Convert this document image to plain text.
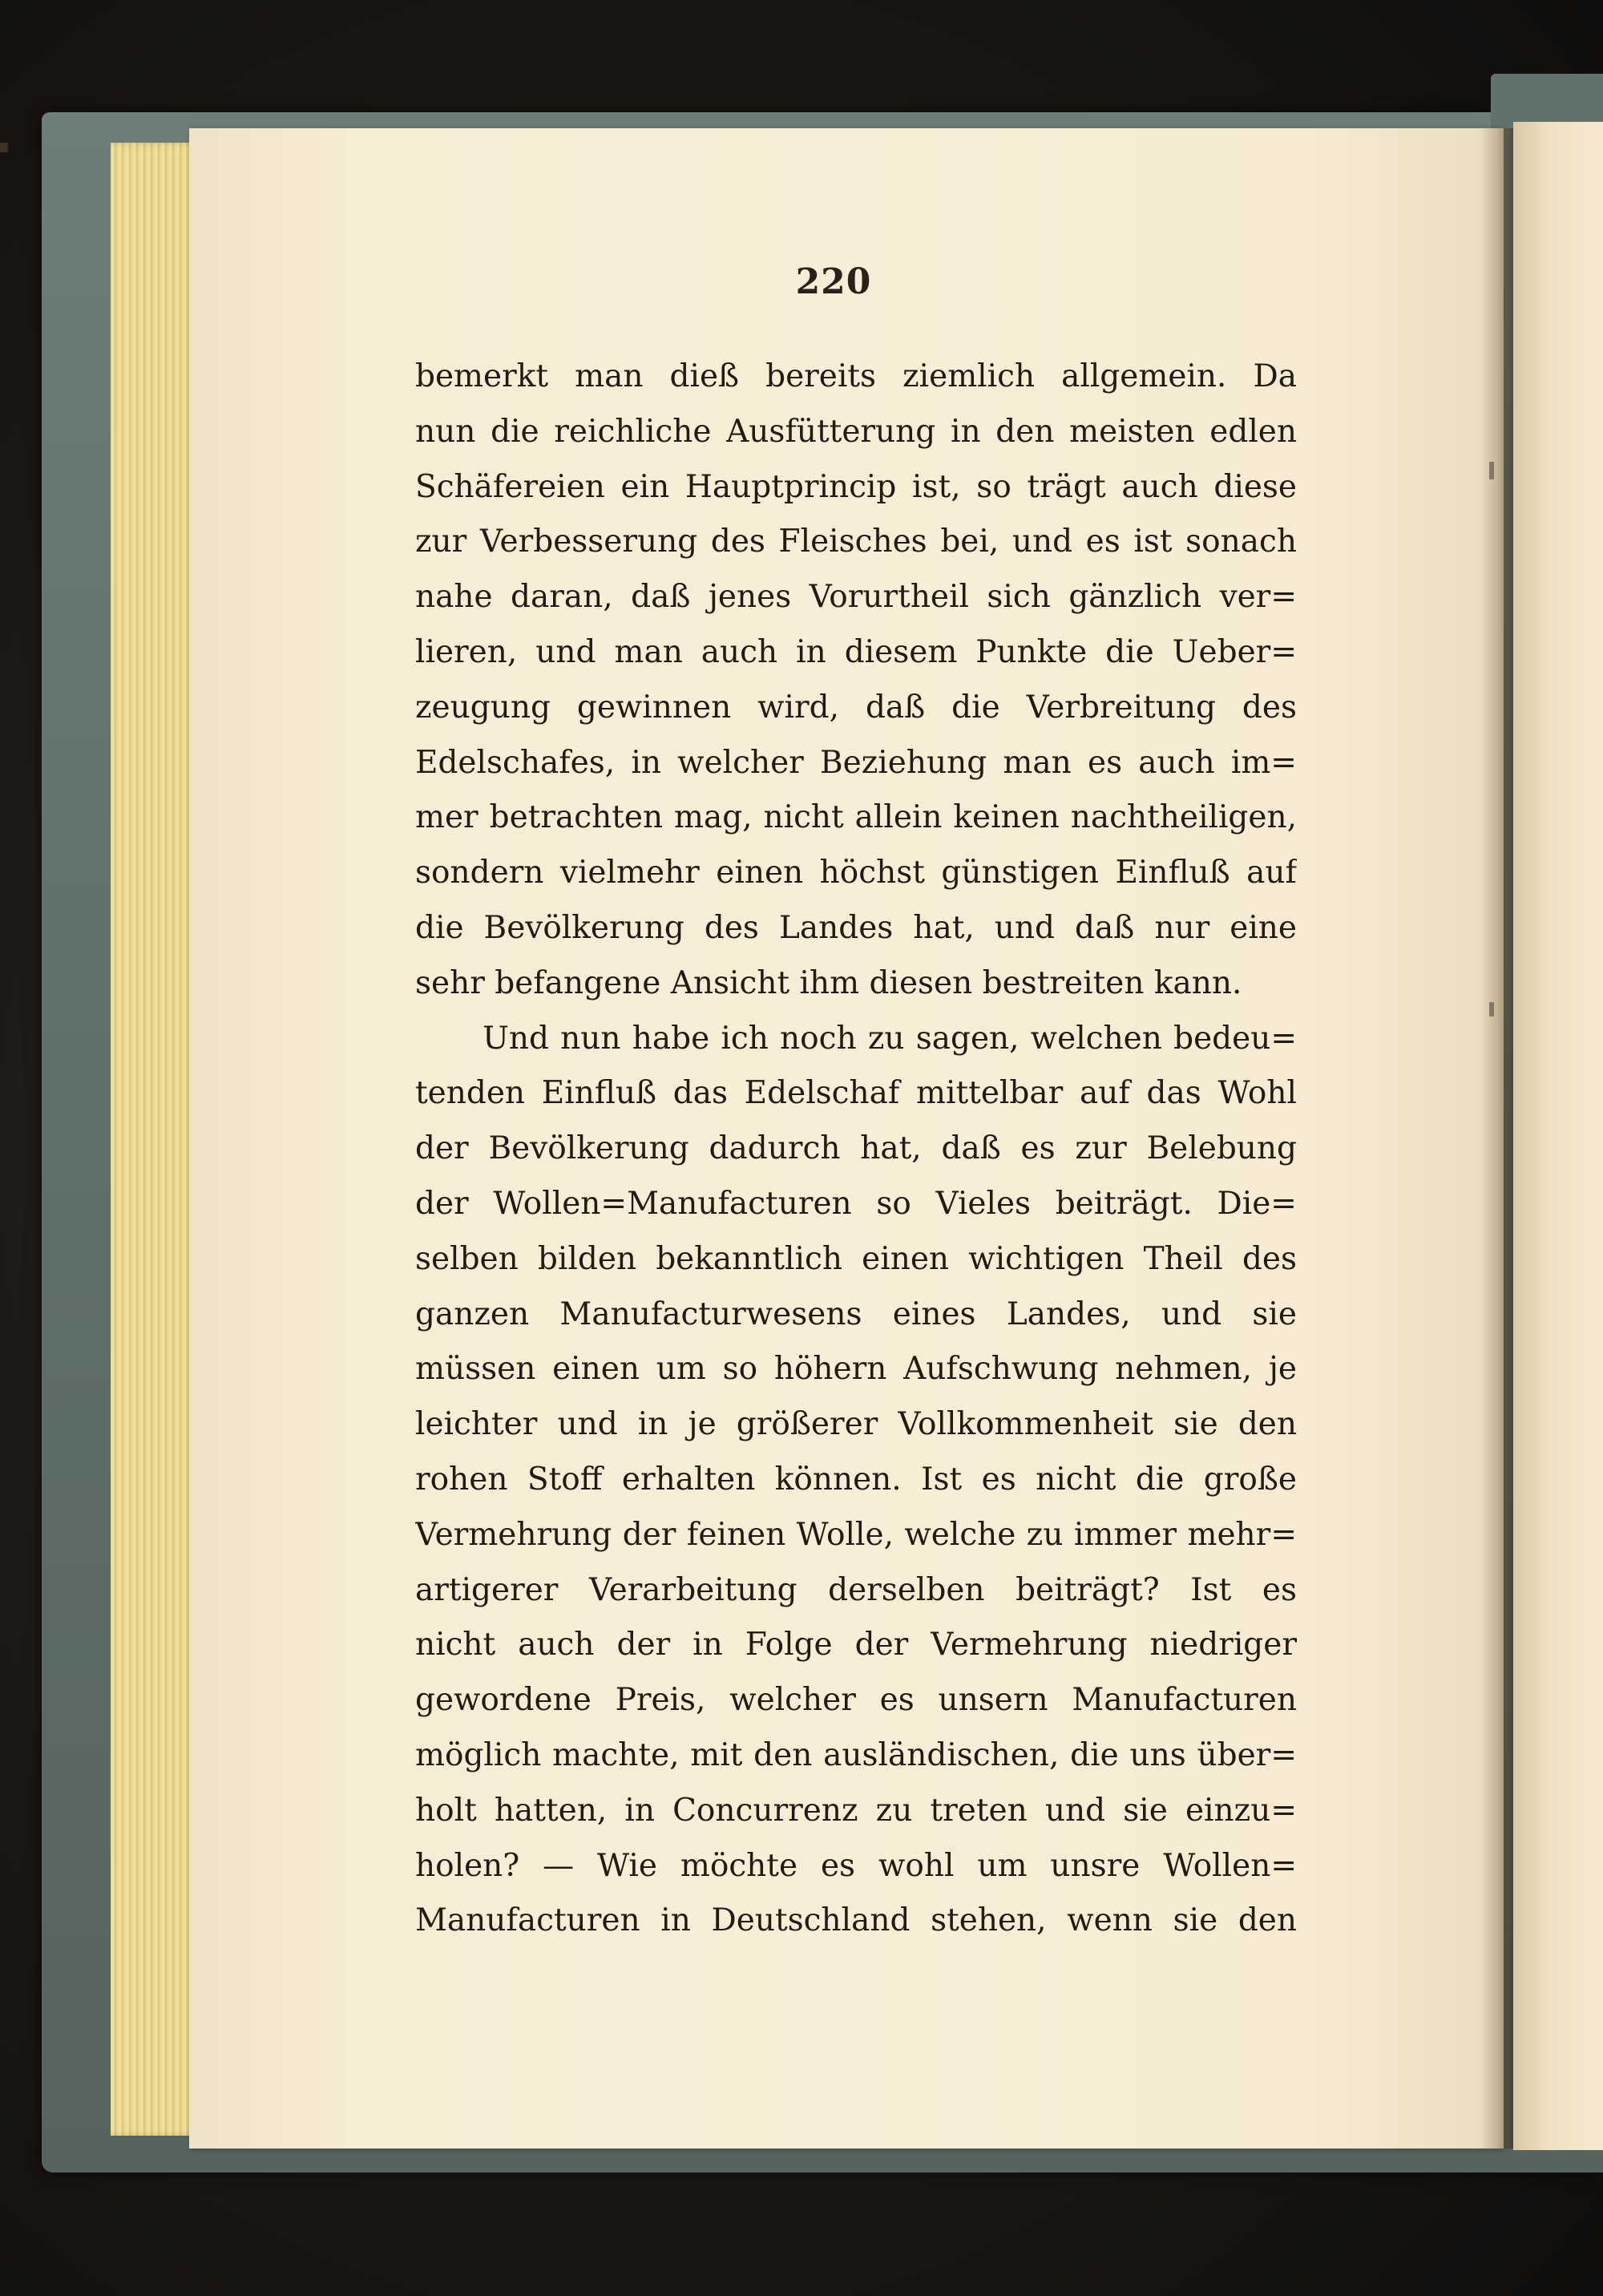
220
bemerkt man dieß bereits ziemlich allgemein. Da
nun die reichliche Ausfütterung in den meisten edlen
Schäfereien ein Hauptprincip ist, so trägt auch diese
zur Verbesserung des Fleisches bei, und es ist sonach
nahe daran, daß jenes Vorurtheil sich gänzlich ver=
lieren, und man auch in diesem Punkte die Ueber=
zeugung gewinnen wird, daß die Verbreitung des
Edelschafes, in welcher Beziehung man es auch im=
mer betrachten mag, nicht allein keinen nachtheiligen,
sondern vielmehr einen höchst günstigen Einfluß auf
die Bevölkerung des Landes hat, und daß nur eine
sehr befangene Ansicht ihm diesen bestreiten kann.
Und nun habe ich noch zu sagen, welchen bedeu=
tenden Einfluß das Edelschaf mittelbar auf das Wohl
der Bevölkerung dadurch hat, daß es zur Belebung
der Wollen=Manufacturen so Vieles beiträgt. Die=
selben bilden bekanntlich einen wichtigen Theil des
ganzen Manufacturwesens eines Landes, und sie
müssen einen um so höhern Aufschwung nehmen, je
leichter und in je größerer Vollkommenheit sie den
rohen Stoff erhalten können. Ist es nicht die große
Vermehrung der feinen Wolle, welche zu immer mehr=
artigerer Verarbeitung derselben beiträgt? Ist es
nicht auch der in Folge der Vermehrung niedriger
gewordene Preis, welcher es unsern Manufacturen
möglich machte, mit den ausländischen, die uns über=
holt hatten, in Concurrenz zu treten und sie einzu=
holen? — Wie möchte es wohl um unsre Wollen=
Manufacturen in Deutschland stehen, wenn sie den
